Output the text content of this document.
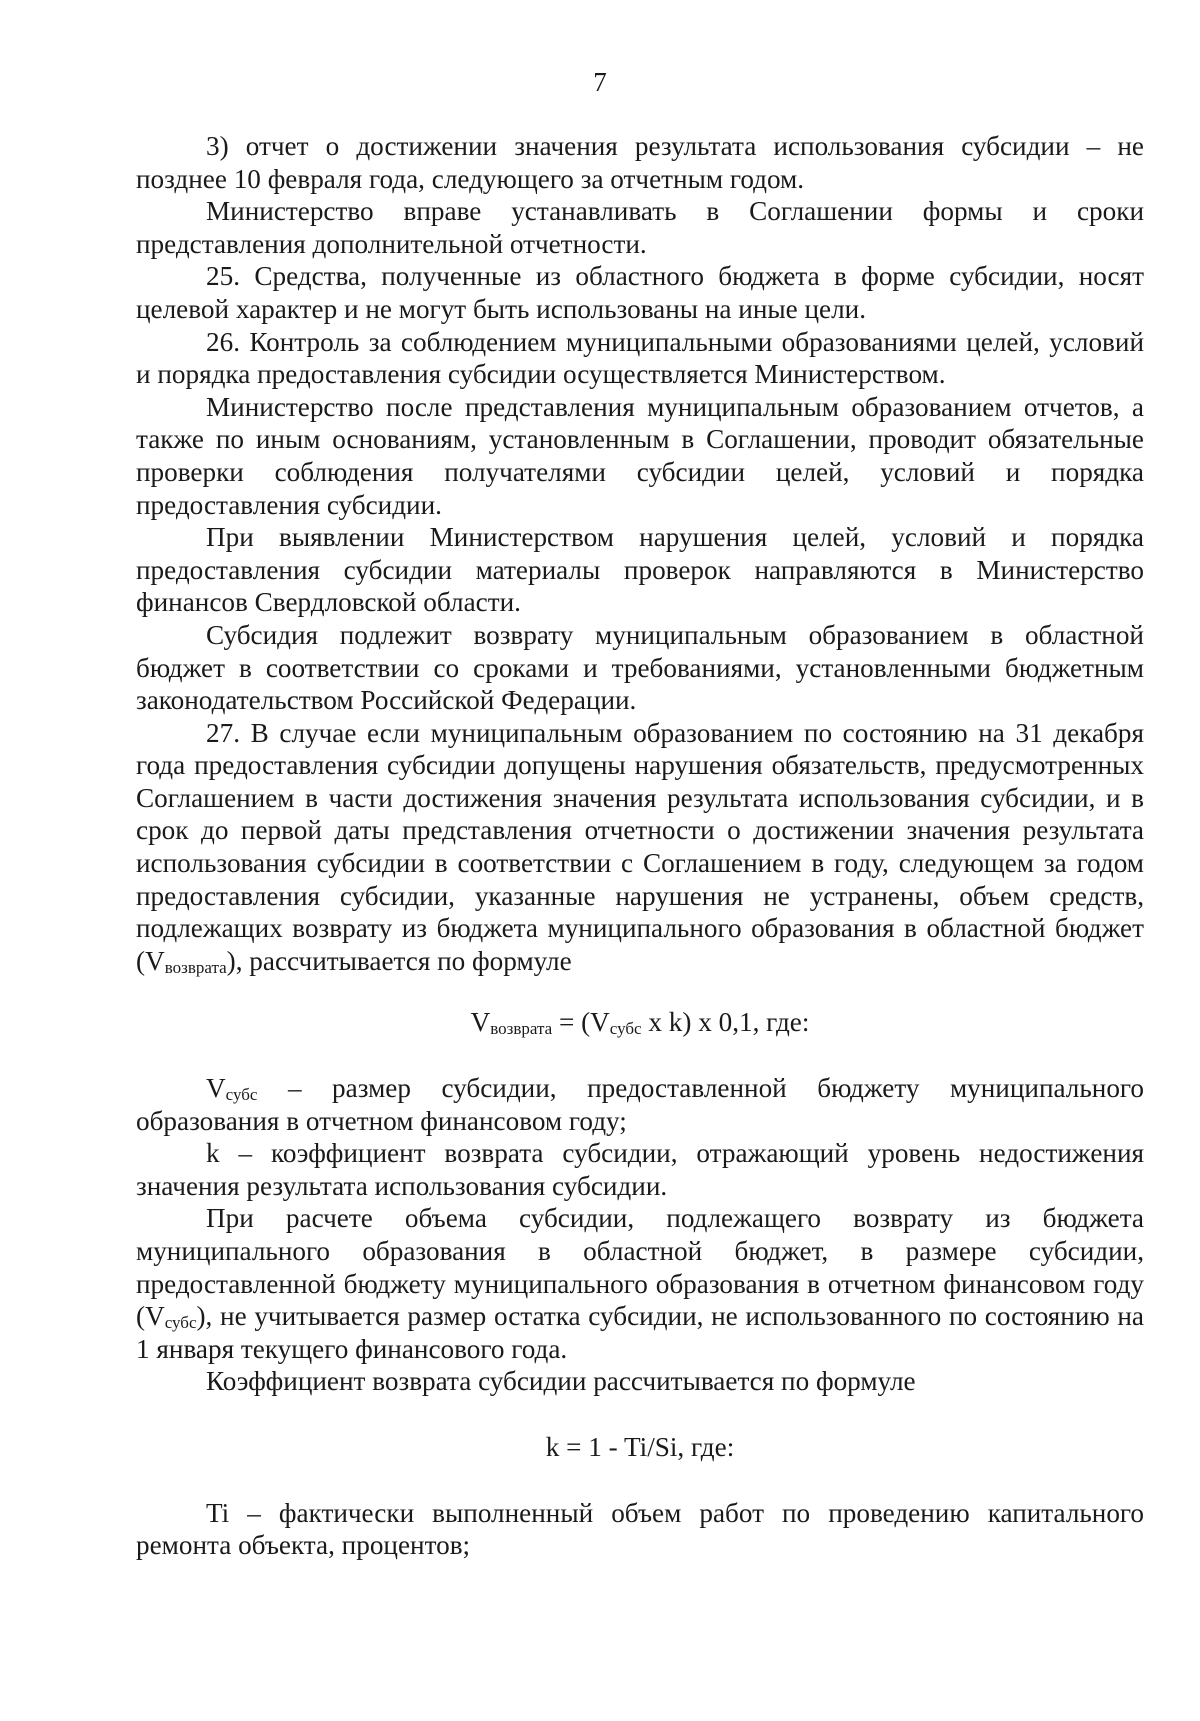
7

3) отчет о достижении значения результата использования субсидии – не позднее 10 февраля года, следующего за отчетным годом.

Министерство вправе устанавливать в Соглашении формы и сроки представления дополнительной отчетности.

25. Средства, полученные из областного бюджета в форме субсидии, носят целевой характер и не могут быть использованы на иные цели.

26. Контроль за соблюдением муниципальными образованиями целей, условий и порядка предоставления субсидии осуществляется Министерством.

Министерство после представления муниципальным образованием отчетов, а также по иным основаниям, установленным в Соглашении, проводит обязательные проверки соблюдения получателями субсидии целей, условий и порядка предоставления субсидии.

При выявлении Министерством нарушения целей, условий и порядка предоставления субсидии материалы проверок направляются в Министерство финансов Свердловской области.

Субсидия подлежит возврату муниципальным образованием в областной бюджет в соответствии со сроками и требованиями, установленными бюджетным законодательством Российской Федерации.

27. В случае если муниципальным образованием по состоянию на 31 декабря года предоставления субсидии допущены нарушения обязательств, предусмотренных Соглашением в части достижения значения результата использования субсидии, и в срок до первой даты представления отчетности о достижении значения результата использования субсидии в соответствии с Соглашением в году, следующем за годом предоставления субсидии, указанные нарушения не устранены, объем средств, подлежащих возврату из бюджета муниципального образования в областной бюджет $(V_{возврата})$, рассчитывается по формуле

$V_{возврата} = (V_{субс}$ x k) x 0,1, где:

$V_{субс}$ – размер субсидии, предоставленной бюджету муниципального образования в отчетном финансовом году;

k – коэффициент возврата субсидии, отражающий уровень недостижения значения результата использования субсидии.

При расчете объема субсидии, подлежащего возврату из бюджета муниципального образования в областной бюджет, в размере субсидии, предоставленной бюджету муниципального образования в отчетном финансовом году $(V_{субс})$, не учитывается размер остатка субсидии, не использованного по состоянию на 1 января текущего финансового года.

Коэффициент возврата субсидии рассчитывается по формуле

k = 1 - Ti/Si, где:

Ti – фактически выполненный объем работ по проведению капитального ремонта объекта, процентов;
